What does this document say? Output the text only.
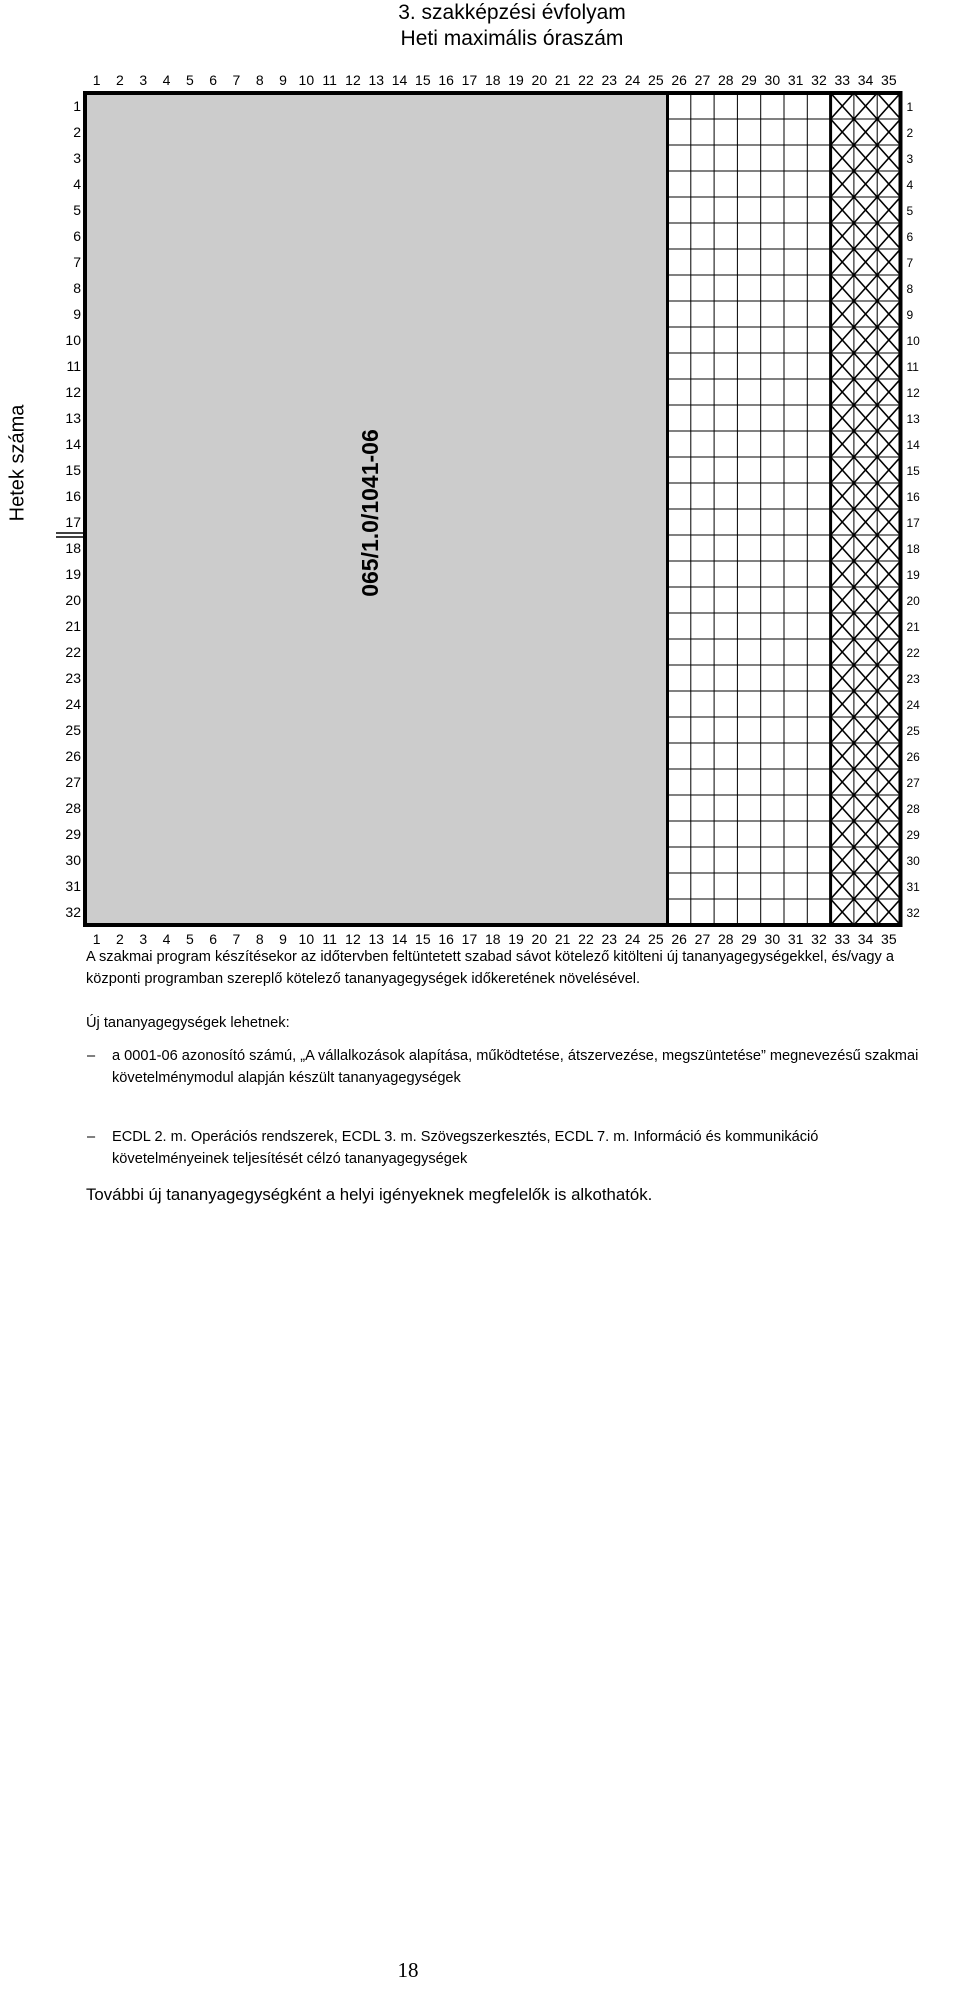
3. szakképzési évfolyam
Heti maximális óraszám
1
1
2
2
3
3
4
4
5
5
6
6
7
7
8
8
9
9
10
10
11
11
12
12
13
13
14
14
15
15
16
16
17
17
18
18
19
19
20
20
21
21
22
22
23
23
24
24
25
25
26
26
27
27
28
28
29
29
30
30
31
31
32
32
33
33
34
34
35
35
1	1
2	2
3	3
4	4
5	5
6	6
7	7
8	8
9	9
10	10
11	11
12	12
13	13
14	14
15	15
16	16
17	17
18	18
19	19
20	20
21	21
22	22
23	23
24	24
25	25
26	26
27	27
28	28
29	29
30	30
31	31
32	32
065/1.0/1041-06
Hetek száma
A szakmai program készítésekor az időtervben feltüntetett szabad sávot kötelező kitölteni új tananyagegységekkel, és/vagy a központi programban szereplő kötelező tananyagegységek időkeretének növelésével.
Új tananyagegységek lehetnek:
– a 0001-06 azonosító számú, „A vállalkozások alapítása, működtetése, átszervezése, megszüntetése” megnevezésű szakmai követelménymodul alapján készült tananyagegységek
– ECDL 2. m. Operációs rendszerek, ECDL 3. m. Szövegszerkesztés, ECDL 7. m. Információ és kommunikáció követelményeinek teljesítését célzó tananyagegységek
További új tananyagegységként a helyi igényeknek megfelelők is alkothatók.
18
